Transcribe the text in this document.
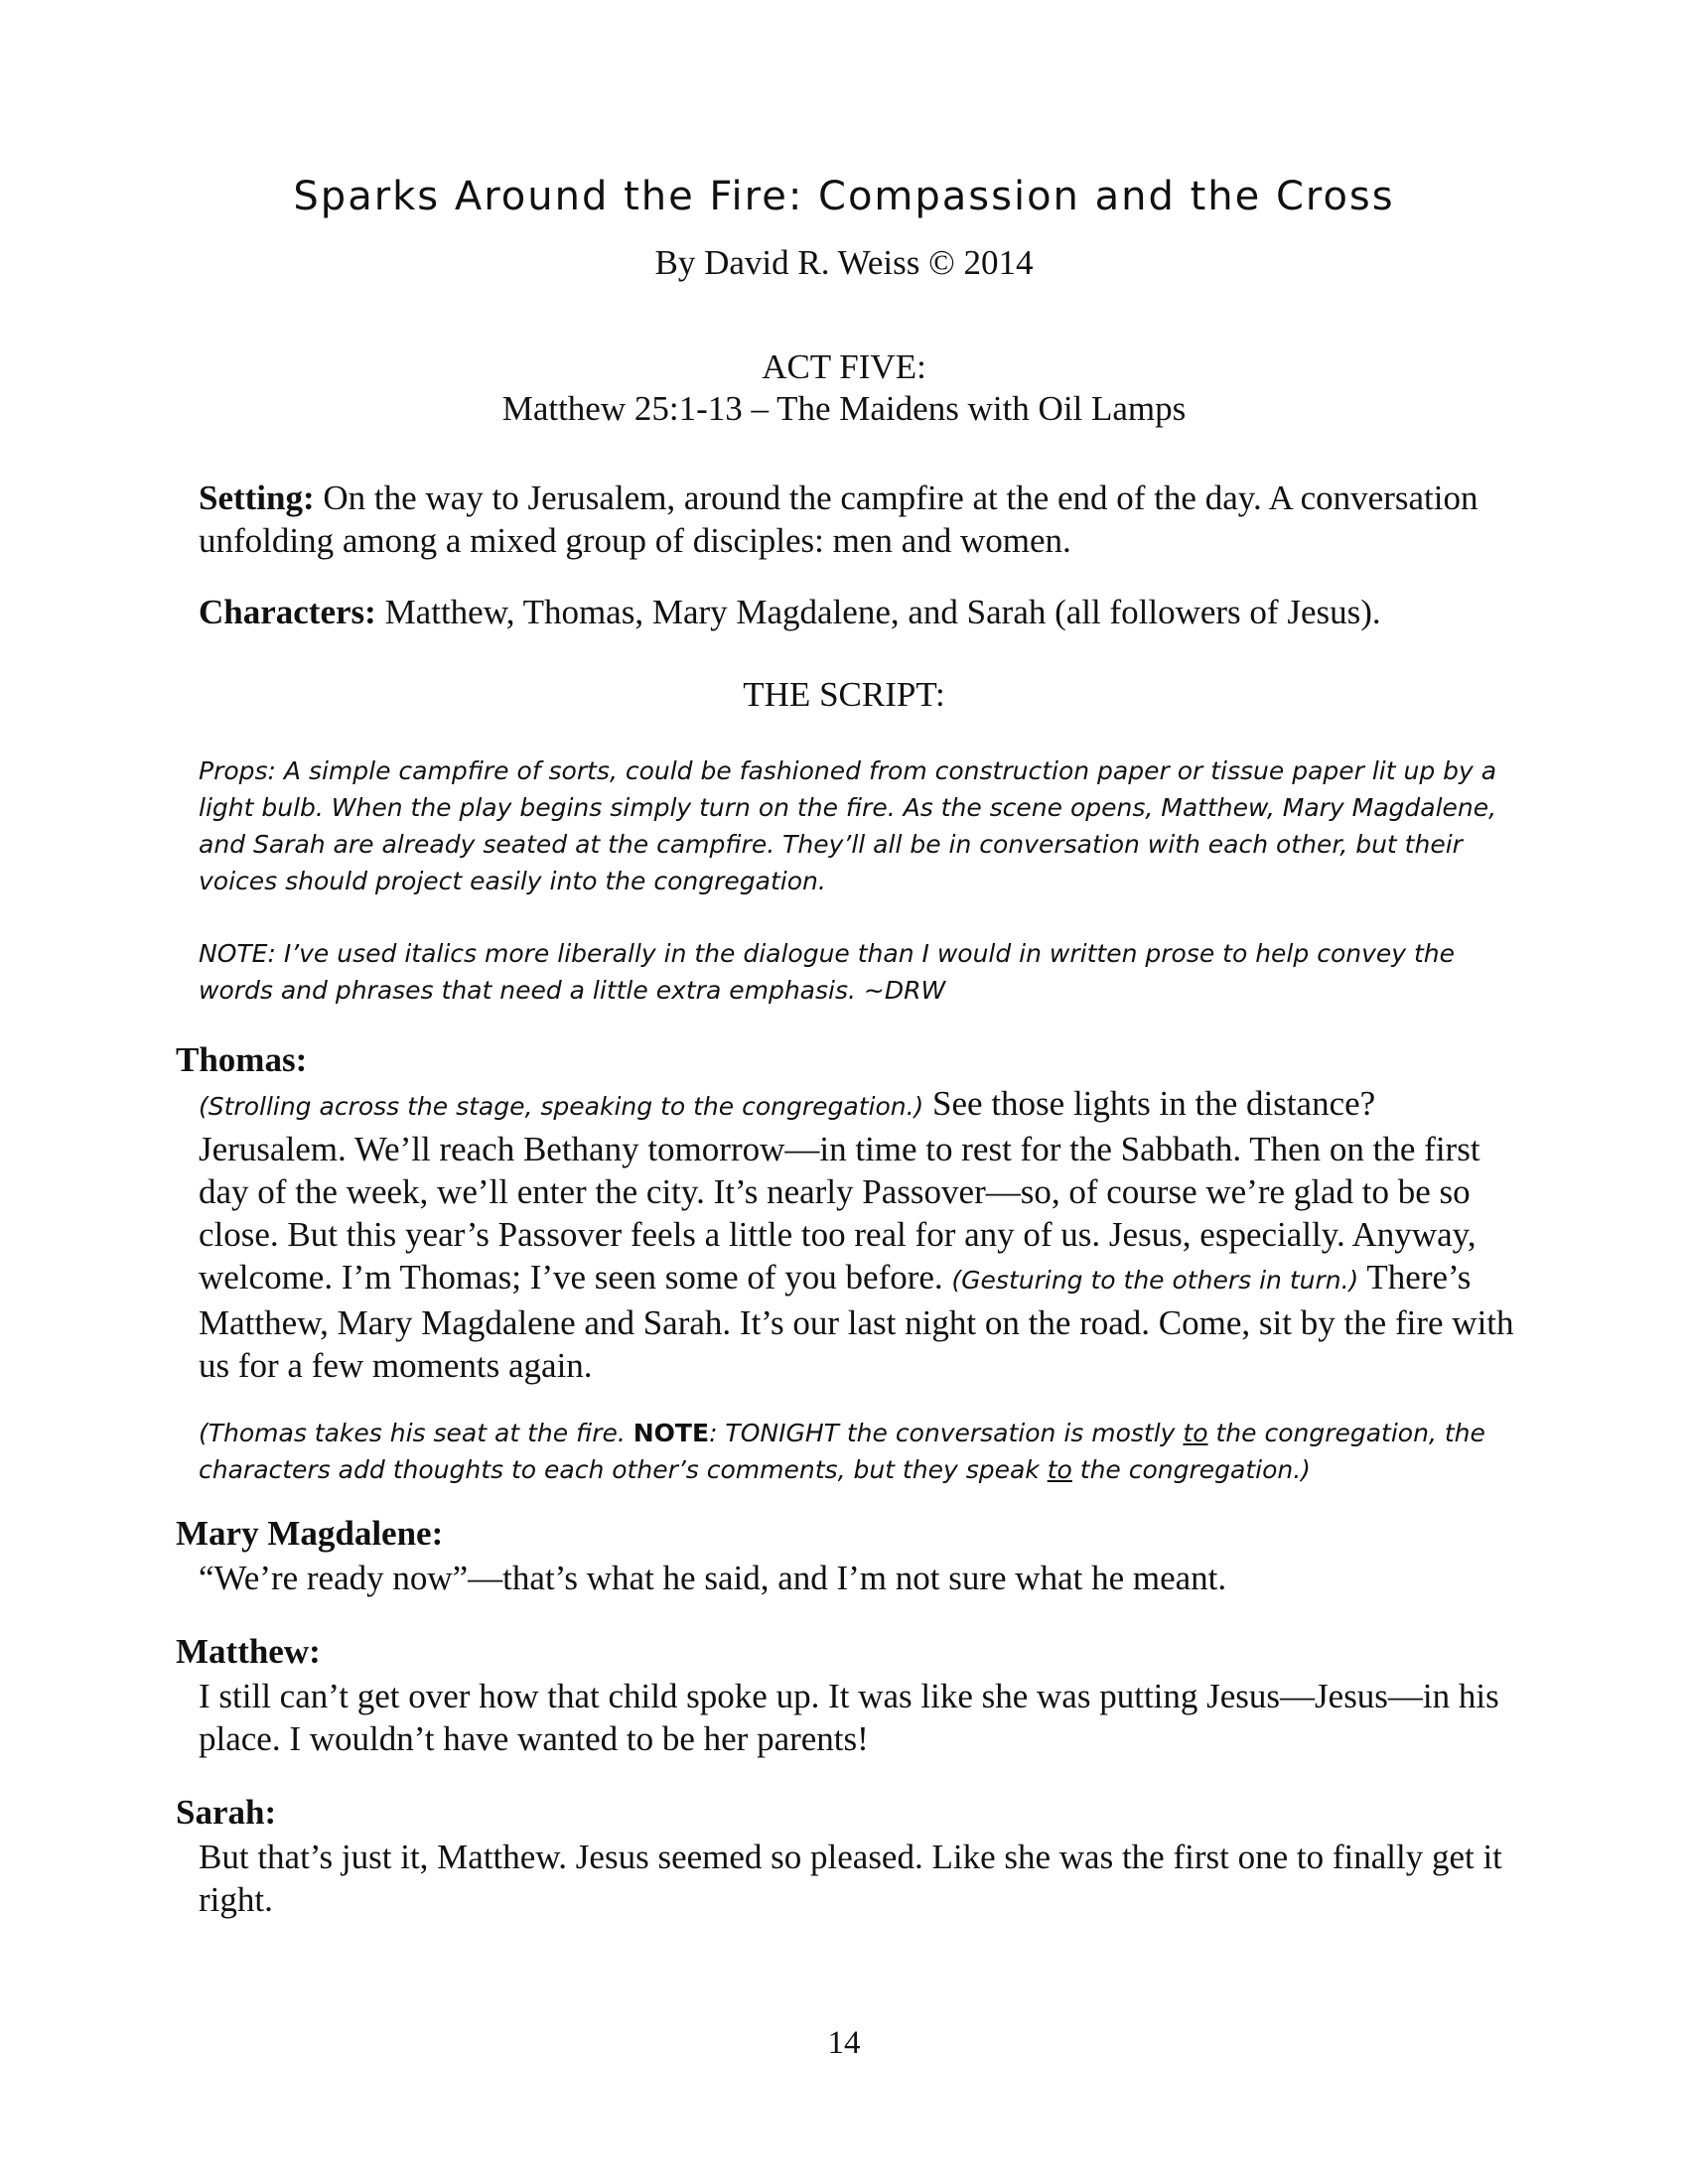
Sparks Around the Fire: Compassion and the Cross
By David R. Weiss © 2014
ACT FIVE:
Matthew 25:1-13 – The Maidens with Oil Lamps
Setting: On the way to Jerusalem, around the campfire at the end of the day. A conversation unfolding among a mixed group of disciples: men and women.
Characters: Matthew, Thomas, Mary Magdalene, and Sarah (all followers of Jesus).
THE SCRIPT:
Props: A simple campfire of sorts, could be fashioned from construction paper or tissue paper lit up by a light bulb. When the play begins simply turn on the fire. As the scene opens, Matthew, Mary Magdalene, and Sarah are already seated at the campfire. They’ll all be in conversation with each other, but their voices should project easily into the congregation.
NOTE: I’ve used italics more liberally in the dialogue than I would in written prose to help convey the words and phrases that need a little extra emphasis. ~DRW
Thomas:
(Strolling across the stage, speaking to the congregation.) See those lights in the distance? Jerusalem. We’ll reach Bethany tomorrow—in time to rest for the Sabbath. Then on the first day of the week, we’ll enter the city. It’s nearly Passover—so, of course we’re glad to be so close. But this year’s Passover feels a little too real for any of us. Jesus, especially. Anyway, welcome. I’m Thomas; I’ve seen some of you before. (Gesturing to the others in turn.) There’s Matthew, Mary Magdalene and Sarah. It’s our last night on the road. Come, sit by the fire with us for a few moments again.
(Thomas takes his seat at the fire. NOTE: TONIGHT the conversation is mostly to the congregation, the characters add thoughts to each other’s comments, but they speak to the congregation.)
Mary Magdalene:
“We’re ready now”—that’s what he said, and I’m not sure what he meant.
Matthew:
I still can’t get over how that child spoke up. It was like she was putting Jesus—Jesus—in his place. I wouldn’t have wanted to be her parents!
Sarah:
But that’s just it, Matthew. Jesus seemed so pleased. Like she was the first one to finally get it right.
14
